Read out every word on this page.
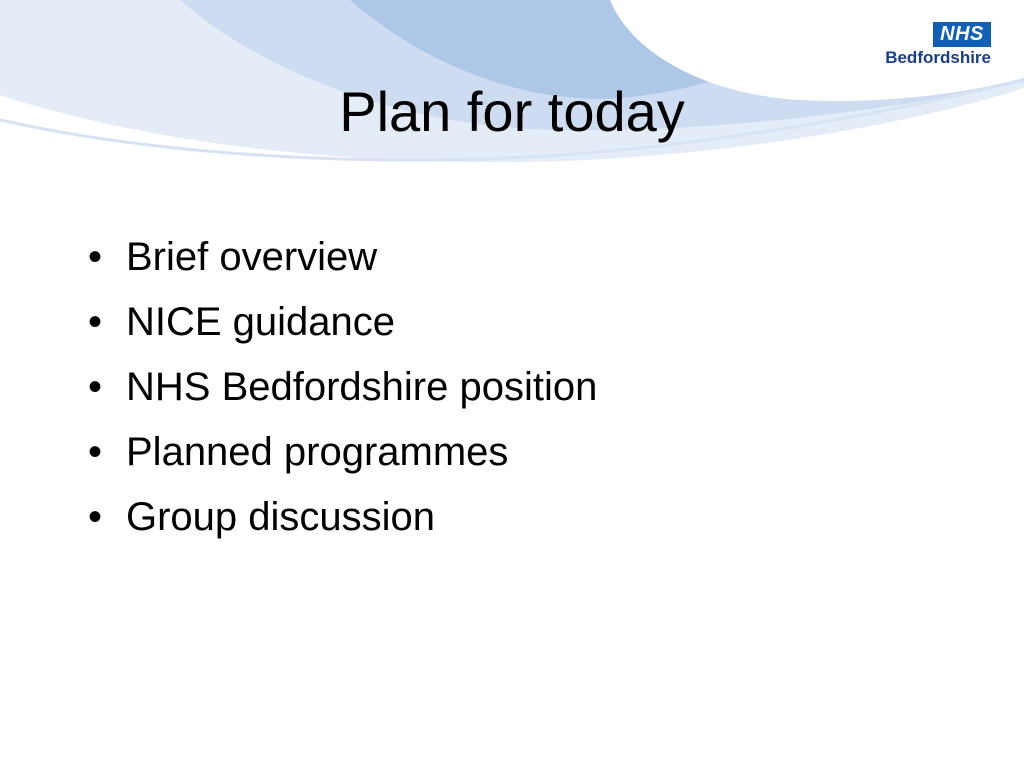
NHS
Bedfordshire
Plan for today
• Brief overview
• NICE guidance
• NHS Bedfordshire position
• Planned programmes
• Group discussion
